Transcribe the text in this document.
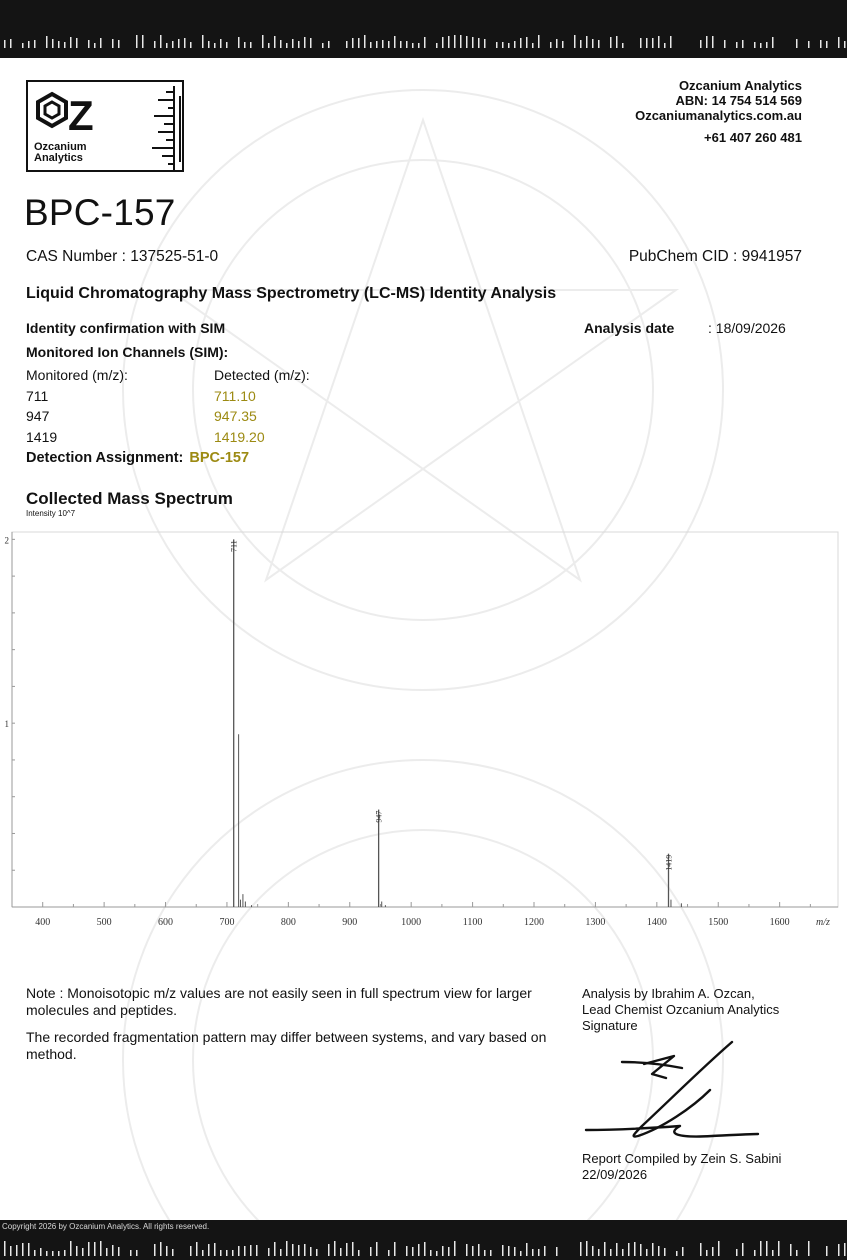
Z
Ozcanium
Analytics
Ozcanium Analytics
ABN: 14 754 514 569
Ozcaniumanalytics.com.au
+61 407 260 481
BPC-157
CAS Number : 137525-51-0	PubChem CID : 9941957
Liquid Chromatography Mass Spectrometry (LC-MS) Identity Analysis
Identity confirmation with SIM	Analysis date : 18/09/2026
Monitored Ion Channels (SIM):
Monitored (m/z):	Detected (m/z):
711	711.10
947	947.35
1419	1419.20
Detection Assignment: BPC-157
Collected Mass Spectrum
Intensity 10^7
2
1
400	500	600	700	800	900	1000	1100	1200	1300	1400	1500	1600	m/z
711
947
1419

Note : Monoisotopic m/z values are not easily seen in full spectrum view for larger molecules and peptides.

The recorded fragmentation pattern may differ between systems, and vary based on method.

Analysis by Ibrahim A. Ozcan,
Lead Chemist Ozcanium Analytics
Signature
Report Compiled by Zein S. Sabini
22/09/2026
Copyright 2026 by Ozcanium Analytics. All rights reserved.
